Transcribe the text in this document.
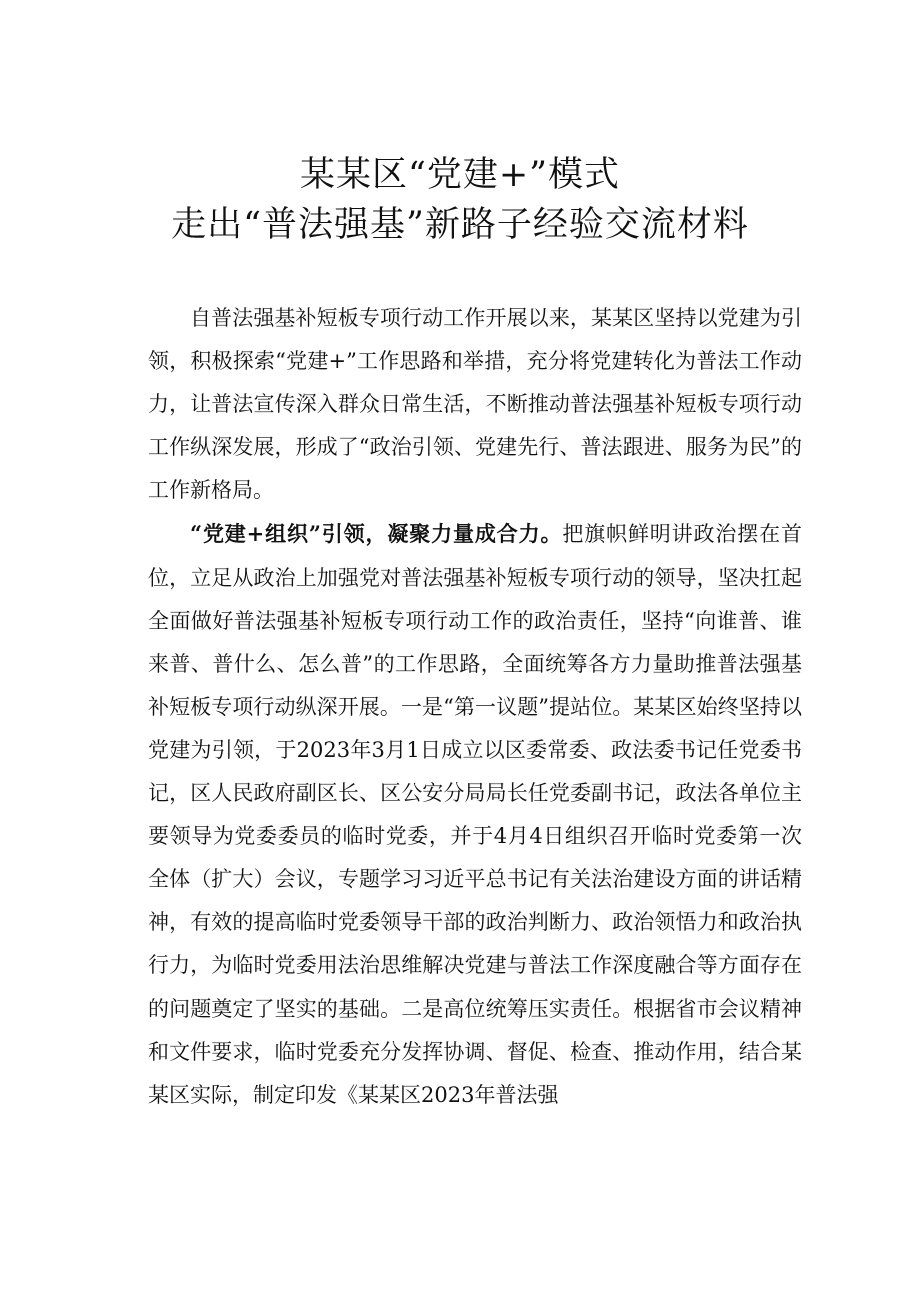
某某区“党建+”模式
走出“普法强基”新路子经验交流材料

自普法强基补短板专项行动工作开展以来，某某区坚持以党建为引领，积极探索“党建+”工作思路和举措，充分将党建转化为普法工作动力，让普法宣传深入群众日常生活，不断推动普法强基补短板专项行动工作纵深发展，形成了“政治引领、党建先行、普法跟进、服务为民”的工作新格局。

“党建+组织”引领，凝聚力量成合力。把旗帜鲜明讲政治摆在首位，立足从政治上加强党对普法强基补短板专项行动的领导，坚决扛起全面做好普法强基补短板专项行动工作的政治责任，坚持“向谁普、谁来普、普什么、怎么普”的工作思路，全面统筹各方力量助推普法强基补短板专项行动纵深开展。一是“第一议题”提站位。某某区始终坚持以党建为引领，于2023年3月1日成立以区委常委、政法委书记任党委书记，区人民政府副区长、区公安分局局长任党委副书记，政法各单位主要领导为党委委员的临时党委，并于4月4日组织召开临时党委第一次全体（扩大）会议，专题学习习近平总书记有关法治建设方面的讲话精神，有效的提高临时党委领导干部的政治判断力、政治领悟力和政治执行力，为临时党委用法治思维解决党建与普法工作深度融合等方面存在的问题奠定了坚实的基础。二是高位统筹压实责任。根据省市会议精神和文件要求，临时党委充分发挥协调、督促、检查、推动作用，结合某某区实际，制定印发《某某区2023年普法强
